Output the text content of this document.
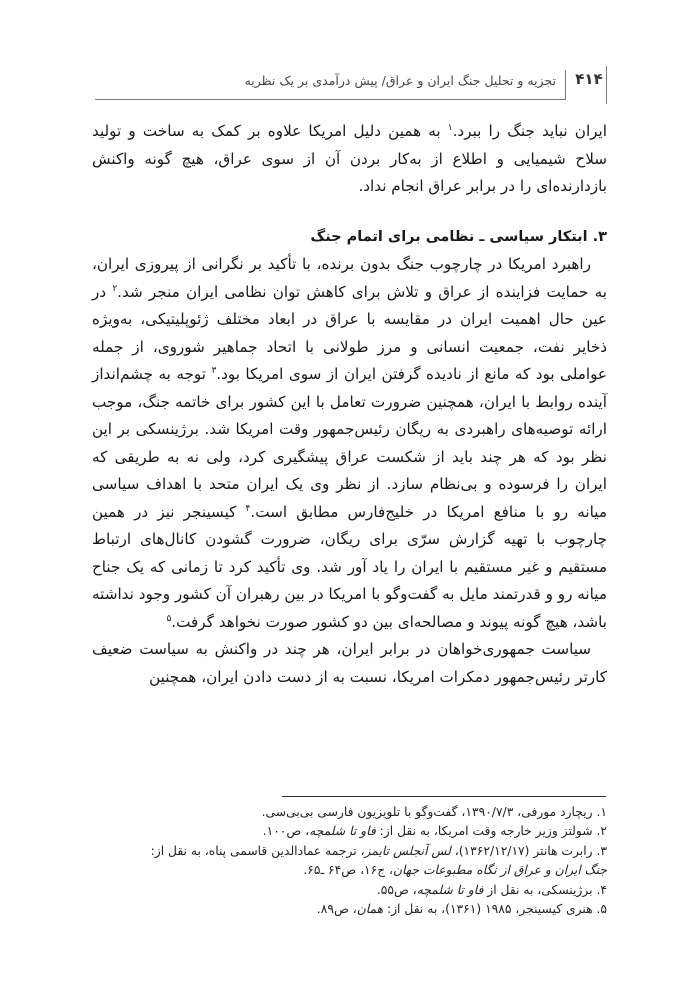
تجزیه و تحلیل جنگ ایران و عراق/ پیش درآمدی بر یک نظریه ۴۱۴

ایران نباید جنگ را ببرد.$^۱$ به همین دلیل امریکا علاوه بر کمک به ساخت و تولید سلاح شیمیایی و اطلاع از به‌کار بردن آن از سوی عراق، هیچ گونه واکنش بازدارنده‌ای را در برابر عراق انجام نداد.

۳. ابتکار سیاسی ـ نظامی برای اتمام جنگ

راهبرد امریکا در چارچوب جنگ بدون برنده، با تأکید بر نگرانی از پیروزی ایران، به حمایت فزاینده از عراق و تلاش برای کاهش توان نظامی ایران منجر شد.$^۲$ در عین حال اهمیت ایران در مقایسه با عراق در ابعاد مختلف ژئوپلیتیکی، به‌ویژه ذخایر نفت، جمعیت انسانی و مرز طولانی با اتحاد جماهیر شوروی، از جمله عواملی بود که مانع از نادیده گرفتن ایران از سوی امریکا بود.$^۳$ توجه به چشم‌انداز آینده روابط با ایران، همچنین ضرورت تعامل با این کشور برای خاتمه جنگ، موجب ارائه توصیه‌های راهبردی به ریگان رئیس‌جمهور وقت امریکا شد. برژینسکی بر این نظر بود که هر چند باید از شکست عراق پیشگیری کرد، ولی نه به طریقی که ایران را فرسوده و بی‌نظام سازد. از نظر وی یک ایران متحد با اهداف سیاسی میانه رو با منافع امریکا در خلیج‌فارس مطابق است.$^۴$ کیسینجر نیز در همین چارچوب با تهیه گزارش سرّی برای ریگان، ضرورت گشودن کانال‌های ارتباط مستقیم و غیر مستقیم با ایران را یاد آور شد. وی تأکید کرد تا زمانی که یک جناح میانه رو و قدرتمند مایل به گفت‌وگو با امریکا در بین رهبران آن کشور وجود نداشته باشد، هیچ گونه پیوند و مصالحه‌ای بین دو کشور صورت نخواهد گرفت.$^۵$

سیاست جمهوری‌خواهان در برابر ایران، هر چند در واکنش به سیاست ضعیف کارتر رئیس‌جمهور دمکرات امریکا، نسبت به از دست دادن ایران، همچنین

۱. ریچارد مورفی، ۱۳۹۰/۷/۳، گفت‌وگو با تلویزیون فارسی بی‌بی‌سی.

۲. شولتز وزیر خارجه وقت امریکا، به نقل از: فاو تا شلمچه، ص۱۰۰.

۳. رابرت هانتر (۱۳۶۲/۱۲/۱۷)، لس آنجلس تایمز، ترجمه عمادالدین قاسمی پناه، به نقل از:
جنگ ایران و عراق از نگاه مطبوعات جهان، ج۱۶، ص۶۴ ـ۶۵.

۴. برژینسکی، به نقل از فاو تا شلمچه، ص۵۵.

۵. هنری کیسینجر، ۱۹۸۵ (۱۳۶۱)، به نقل از: همان، ص۸۹.
